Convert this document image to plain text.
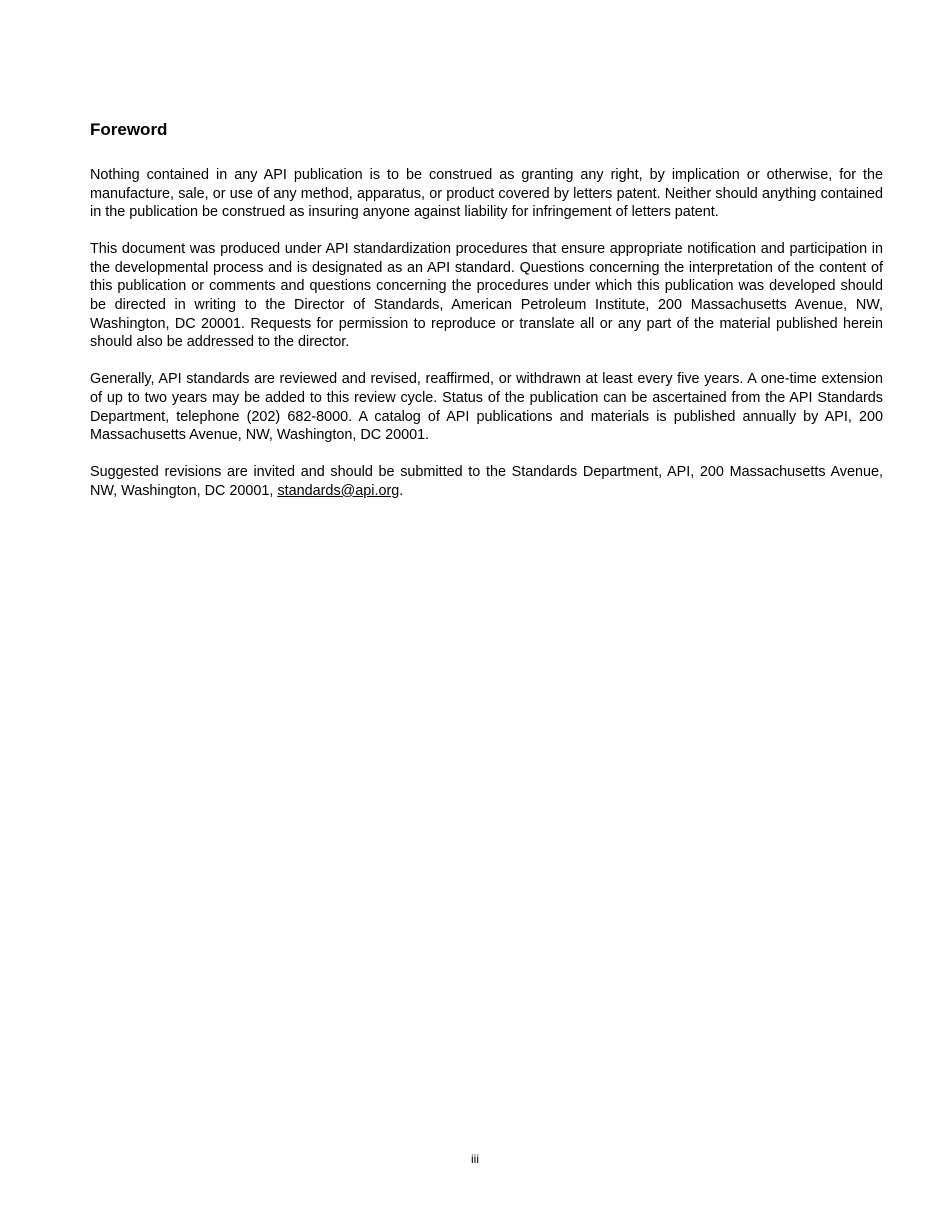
Foreword

Nothing contained in any API publication is to be construed as granting any right, by implication or otherwise, for the manufacture, sale, or use of any method, apparatus, or product covered by letters patent. Neither should anything contained in the publication be construed as insuring anyone against liability for infringement of letters patent.

This document was produced under API standardization procedures that ensure appropriate notification and participation in the developmental process and is designated as an API standard. Questions concerning the interpretation of the content of this publication or comments and questions concerning the procedures under which this publication was developed should be directed in writing to the Director of Standards, American Petroleum Institute, 200 Massachusetts Avenue, NW, Washington, DC 20001. Requests for permission to reproduce or translate all or any part of the material published herein should also be addressed to the director.

Generally, API standards are reviewed and revised, reaffirmed, or withdrawn at least every five years. A one-time extension of up to two years may be added to this review cycle. Status of the publication can be ascertained from the API Standards Department, telephone (202) 682-8000. A catalog of API publications and materials is published annually by API, 200 Massachusetts Avenue, NW, Washington, DC 20001.

Suggested revisions are invited and should be submitted to the Standards Department, API, 200 Massachusetts Avenue, NW, Washington, DC 20001, standards@api.org.

iii
